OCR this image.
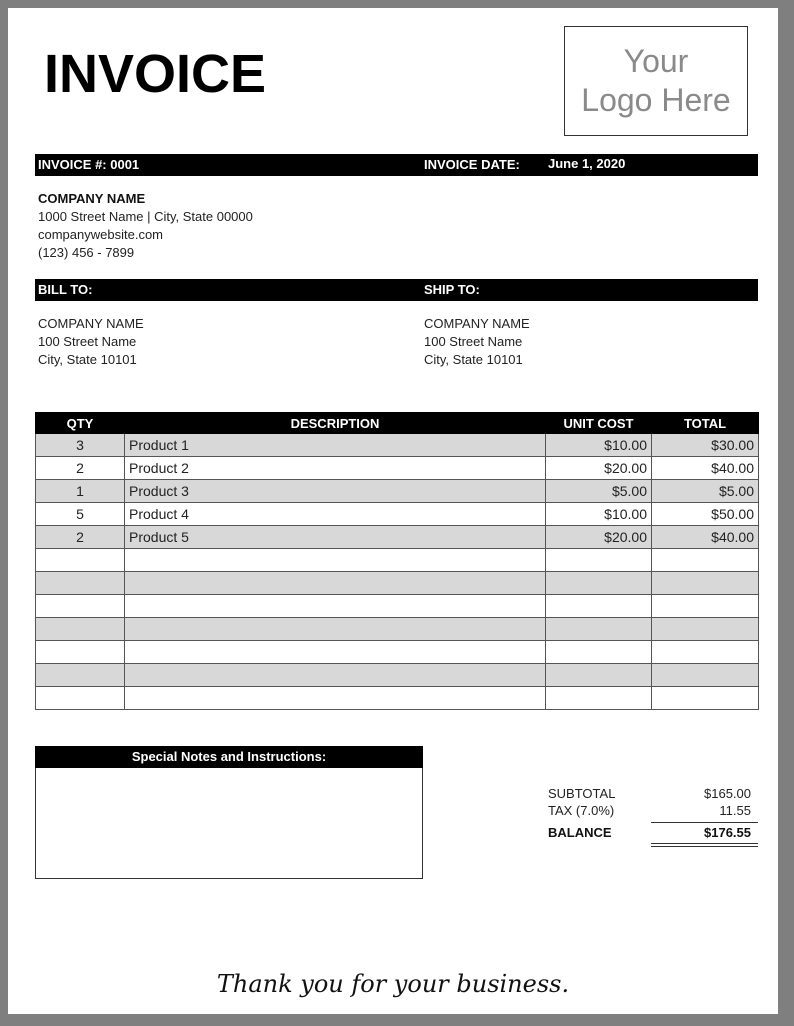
INVOICE	Your
Logo Here
INVOICE #: 0001	INVOICE DATE: June 1, 2020
COMPANY NAME
1000 Street Name | City, State 00000
companywebsite.com
(123) 456 - 7899
BILL TO:	SHIP TO:
COMPANY NAME
100 Street Name
City, State 10101
COMPANY NAME
100 Street Name
City, State 10101
QTY	DESCRIPTION	UNIT COST	TOTAL
3	Product 1	$10.00	$30.00
2	Product 2	$20.00	$40.00
1	Product 3	$5.00	$5.00
5	Product 4	$10.00	$50.00
2	Product 5	$20.00	$40.00

Special Notes and Instructions:
SUBTOTAL	$165.00
TAX (7.0%)	11.55
BALANCE	$176.55
Thank you for your business.
